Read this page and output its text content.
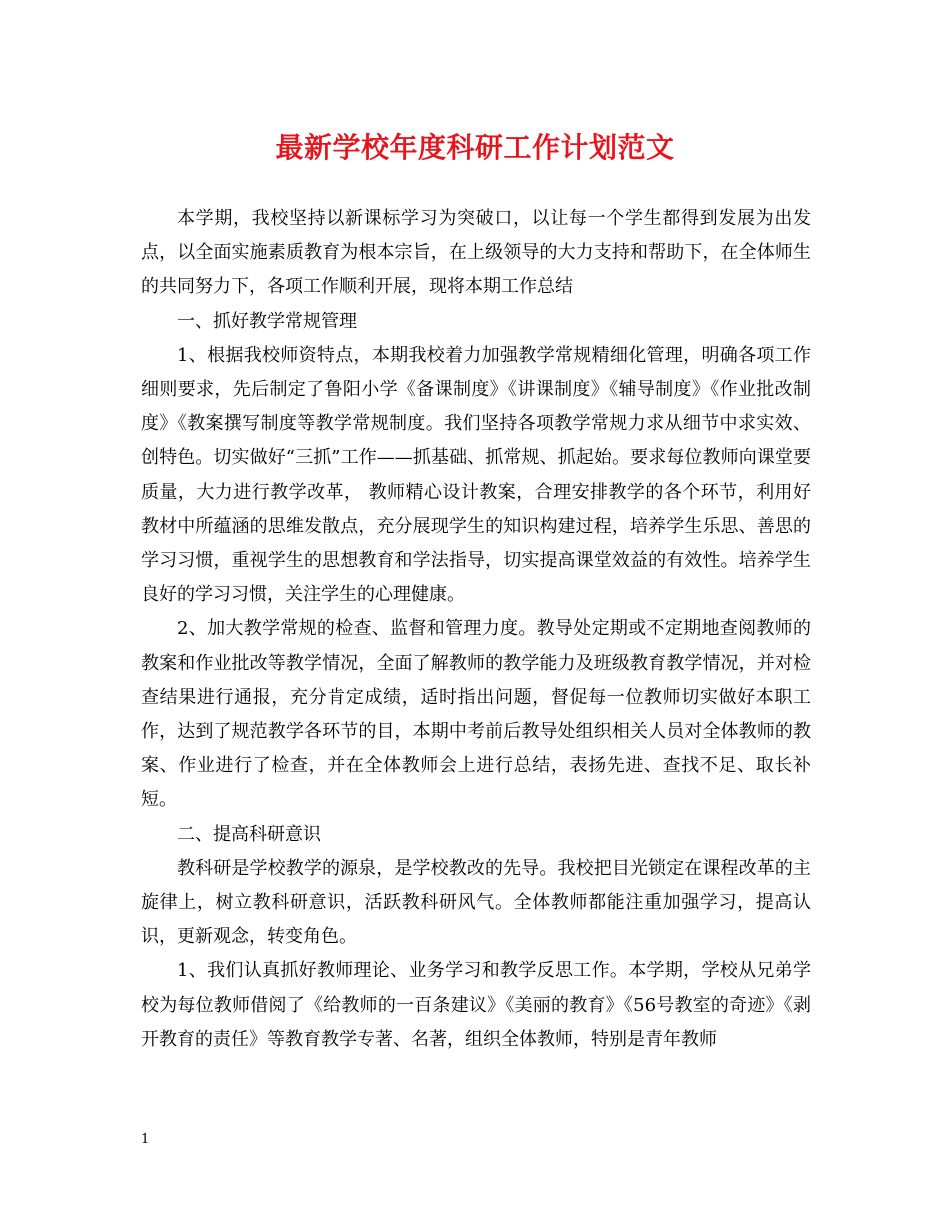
最新学校年度科研工作计划范文

本学期，我校坚持以新课标学习为突破口，以让每一个学生都得到发展为出发点，以全面实施素质教育为根本宗旨，在上级领导的大力支持和帮助下，在全体师生的共同努力下，各项工作顺利开展，现将本期工作总结

一、抓好教学常规管理

1、根据我校师资特点，本期我校着力加强教学常规精细化管理，明确各项工作细则要求，先后制定了鲁阳小学《备课制度》《讲课制度》《辅导制度》《作业批改制度》《教案撰写制度等教学常规制度。我们坚持各项教学常规力求从细节中求实效、创特色。切实做好“三抓”工作——抓基础、抓常规、抓起始。要求每位教师向课堂要质量，大力进行教学改革， 教师精心设计教案，合理安排教学的各个环节，利用好教材中所蕴涵的思维发散点，充分展现学生的知识构建过程，培养学生乐思、善思的学习习惯，重视学生的思想教育和学法指导，切实提高课堂效益的有效性。培养学生良好的学习习惯，关注学生的心理健康。

2、加大教学常规的检查、监督和管理力度。教导处定期或不定期地查阅教师的教案和作业批改等教学情况，全面了解教师的教学能力及班级教育教学情况，并对检查结果进行通报，充分肯定成绩，适时指出问题，督促每一位教师切实做好本职工作，达到了规范教学各环节的目，本期中考前后教导处组织相关人员对全体教师的教案、作业进行了检查，并在全体教师会上进行总结，表扬先进、查找不足、取长补短。

二、提高科研意识

教科研是学校教学的源泉，是学校教改的先导。我校把目光锁定在课程改革的主旋律上，树立教科研意识，活跃教科研风气。全体教师都能注重加强学习，提高认识，更新观念，转变角色。

1、我们认真抓好教师理论、业务学习和教学反思工作。本学期，学校从兄弟学校为每位教师借阅了《给教师的一百条建议》《美丽的教育》《56号教室的奇迹》《剥开教育的责任》等教育教学专著、名著，组织全体教师，特别是青年教师

1
